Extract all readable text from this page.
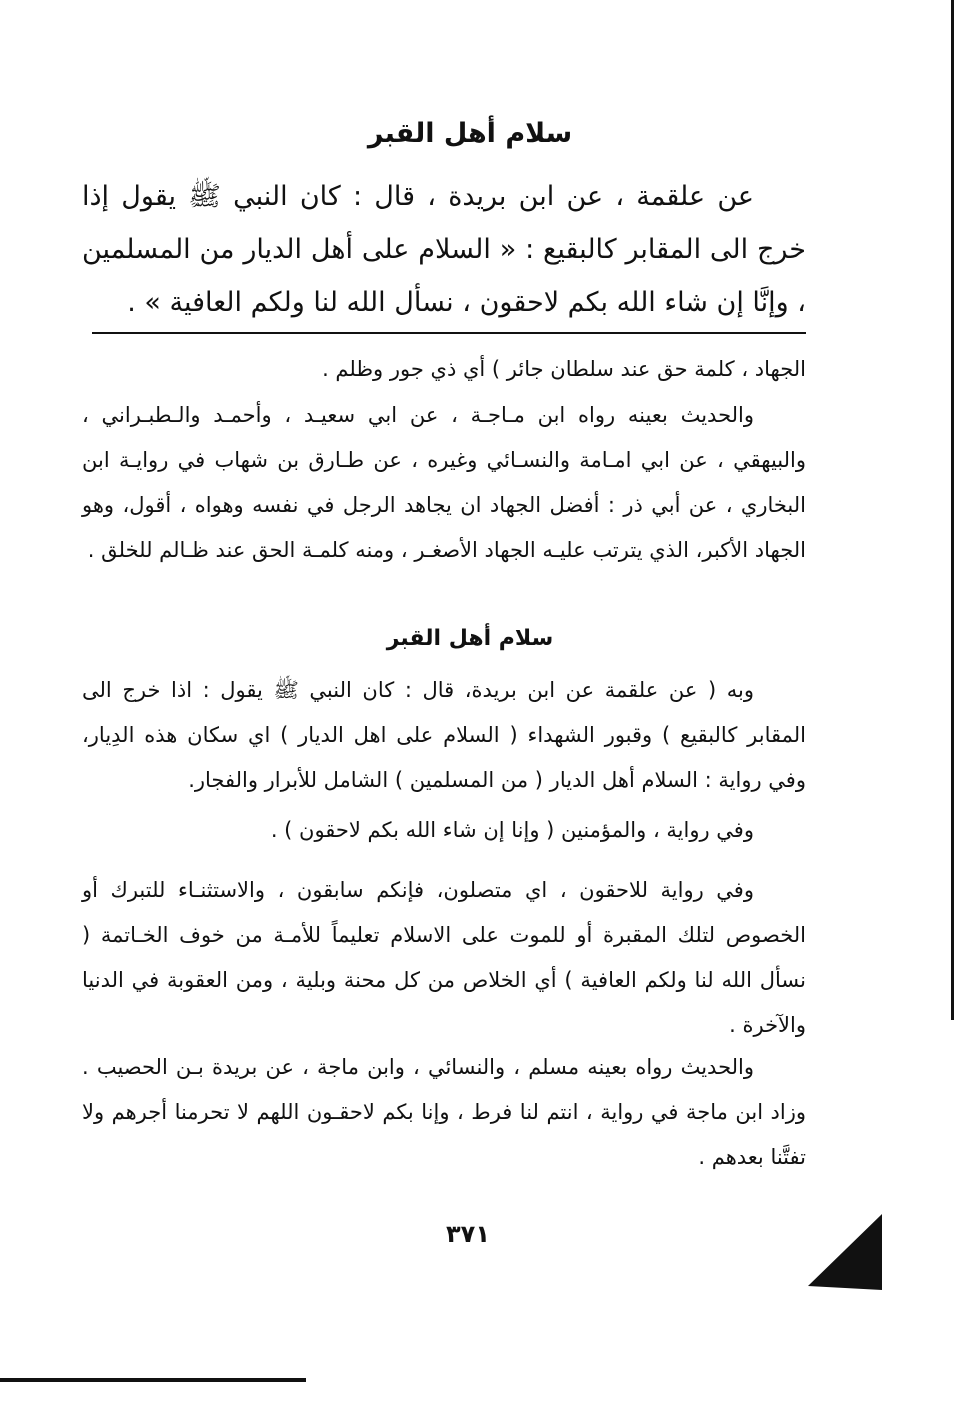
سلام أهل القبر

عن علقمة ، عن ابن بريدة ، قال : كان النبي ﷺ يقول إذا خرج الى المقابر كالبقيع : « السلام على أهل الديار من المسلمين ، وإنَّا إن شاء الله بكم لاحقون ، نسأل الله لنا ولكم العافية » .

الجهاد ، كلمة حق عند سلطان جائر ) أي ذي جور وظلم .

والحديث بعينه رواه ابن مـاجـة ، عن ابي سعيـد ، وأحمـد والـطبـراني ، والبيهقي ، عن ابي امـامة والنسـائي وغيره ، عن طـارق بن شهاب في روايـة ابن البخاري ، عن أبي ذر : أفضل الجهاد ان يجاهد الرجل في نفسه وهواه ، أقول، وهو الجهاد الأكبر، الذي يترتب عليـه الجهاد الأصغـر ، ومنه كلمـة الحق عند ظـالم للخلق .

سلام أهل القبر

وبه ( عن علقمة عن ابن بريدة، قال : كان النبي ﷺ يقول : اذا خرج الى المقابر كالبقيع ) وقبور الشهداء ( السلام على اهل الديار ) اي سكان هذه الدِيار، وفي رواية : السلام أهل الديار ( من المسلمين ) الشامل للأبرار والفجار.

وفي رواية ، والمؤمنين ( وإنا إن شاء الله بكم لاحقون ) .

وفي رواية للاحقون ، اي متصلون، فإنكم سابقون ، والاستثنـاء للتبرك أو الخصوص لتلك المقبرة أو للموت على الاسلام تعليماً للأمـة من خوف الخـاتمة ( نسأل الله لنا ولكم العافية ) أي الخلاص من كل محنة وبلية ، ومن العقوبة في الدنيا والآخرة .

والحديث رواه بعينه مسلم ، والنسائي ، وابن ماجة ، عن بريدة بـن الحصيب . وزاد ابن ماجة في رواية ، انتم لنا فرط ، وإنا بكم لاحقـون اللهم لا تحرمنا أجرهم ولا تفتَّنا بعدهم .

٣٧١
